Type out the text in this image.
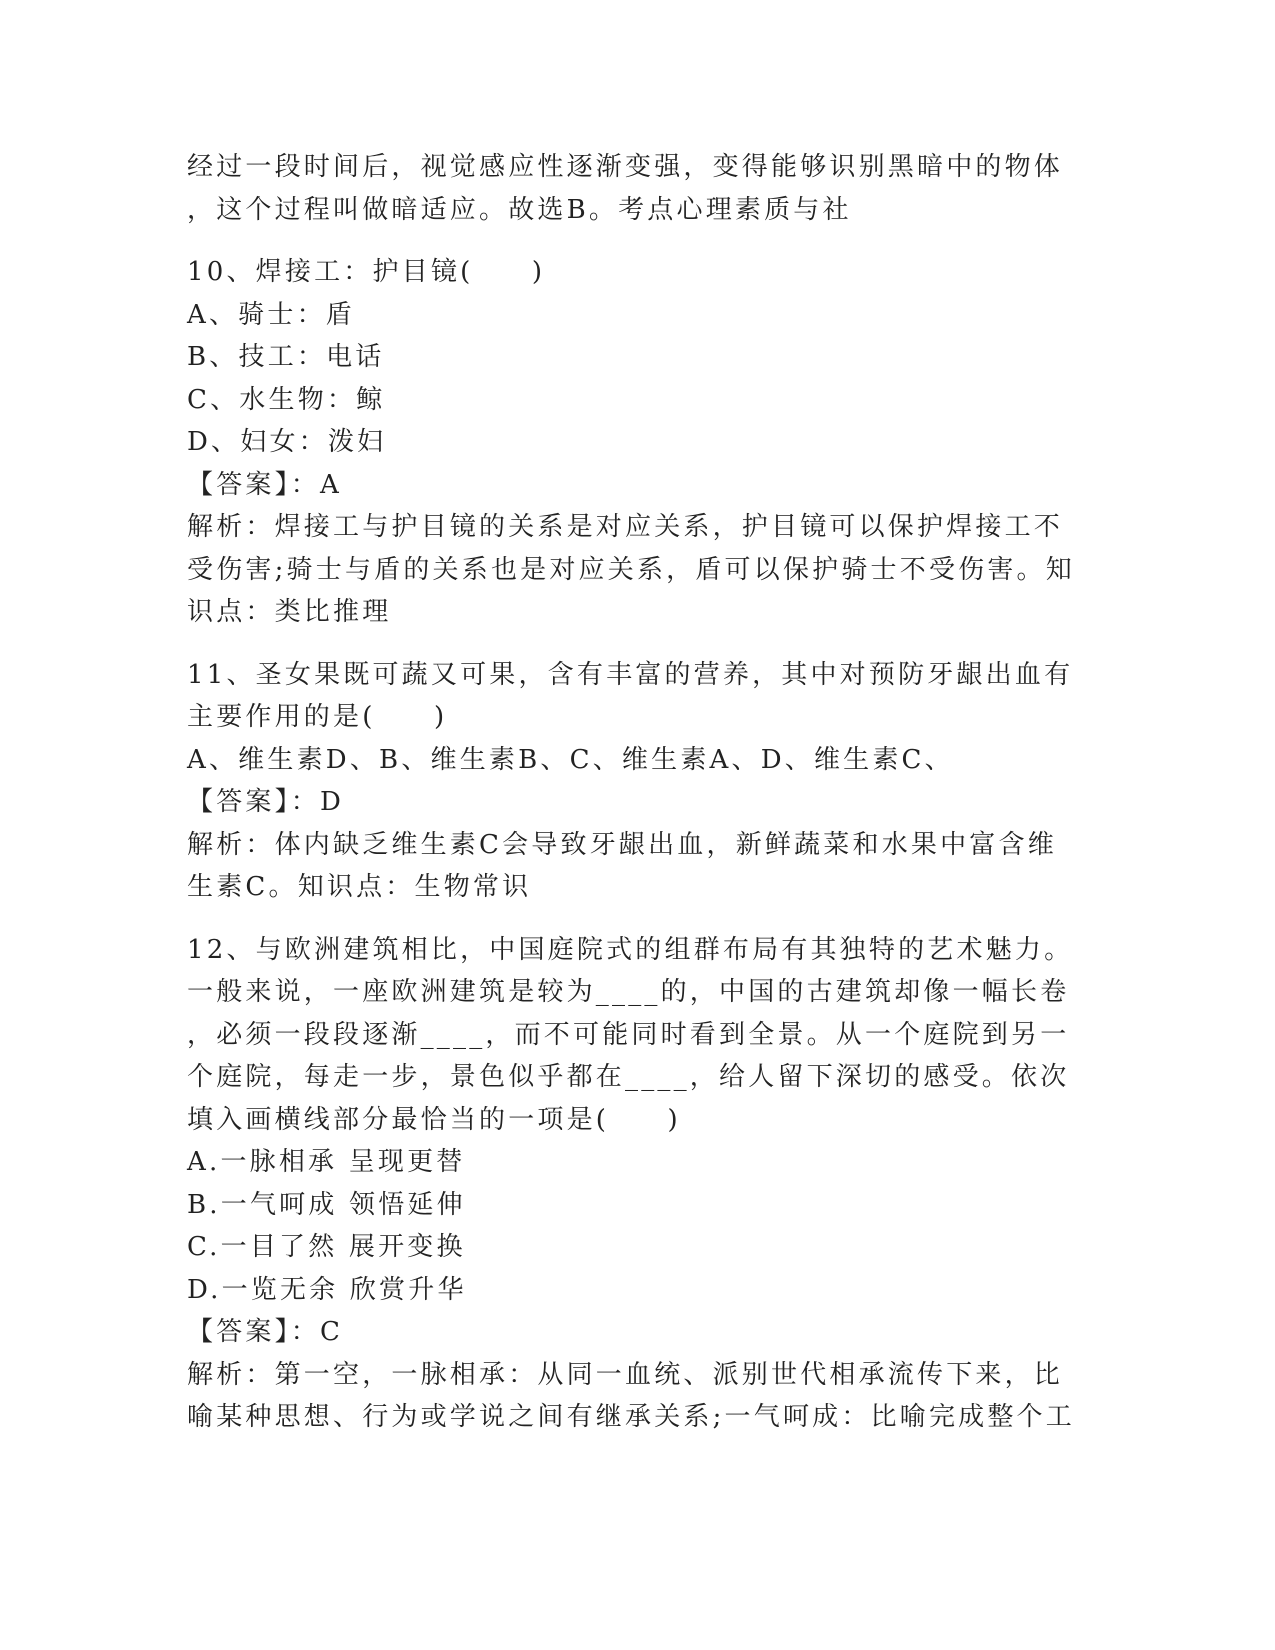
经过一段时间后，视觉感应性逐渐变强，变得能够识别黑暗中的物体

，这个过程叫做暗适应。故选B。考点心理素质与社

10、焊接工：护目镜(　　)

A、骑士：盾

B、技工：电话

C、水生物：鲸

D、妇女：泼妇

【答案】：A

解析：焊接工与护目镜的关系是对应关系，护目镜可以保护焊接工不

受伤害;骑士与盾的关系也是对应关系，盾可以保护骑士不受伤害。知

识点：类比推理

11、圣女果既可蔬又可果，含有丰富的营养，其中对预防牙龈出血有

主要作用的是(　　)

A、维生素D、B、维生素B、C、维生素A、D、维生素C、

【答案】：D

解析：体内缺乏维生素C会导致牙龈出血，新鲜蔬菜和水果中富含维

生素C。知识点：生物常识

12、与欧洲建筑相比，中国庭院式的组群布局有其独特的艺术魅力。

一般来说，一座欧洲建筑是较为____的，中国的古建筑却像一幅长卷

，必须一段段逐渐____，而不可能同时看到全景。从一个庭院到另一

个庭院，每走一步，景色似乎都在____，给人留下深切的感受。依次

填入画横线部分最恰当的一项是(　　)

A.一脉相承 呈现更替

B.一气呵成 领悟延伸

C.一目了然 展开变换

D.一览无余 欣赏升华

【答案】：C

解析：第一空，一脉相承：从同一血统、派别世代相承流传下来，比

喻某种思想、行为或学说之间有继承关系;一气呵成：比喻完成整个工
